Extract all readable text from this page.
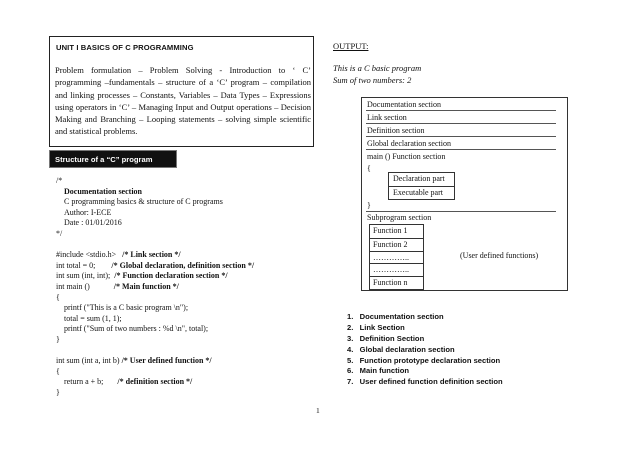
UNIT I BASICS OF C PROGRAMMING
Problem formulation – Problem Solving - Introduction to ‘ C’ programming –fundamentals – structure of a ‘C’ program – compilation and linking processes – Constants, Variables – Data Types – Expressions using operators in ‘C’ – Managing Input and Output operations – Decision Making and Branching – Looping statements – solving simple scientific and statistical problems.
Structure of a “C” program
/*
Documentation section
C programming basics & structure of C programs
Author: I-ECE
Date : 01/01/2016
*/
#include <stdio.h> /* Link section */
int total = 0; /* Global declaration, definition section */
int sum (int, int); /* Function declaration section */
int main ()	/* Main function */
{
printf ("This is a C basic program \n");
total = sum (1, 1);
printf ("Sum of two numbers : %d \n", total);
}
int sum (int a, int b) /* User defined function */
{
return a + b; /* definition section */
}
OUTPUT:
This is a C basic program
Sum of two numbers: 2
Documentation section
Link section
Definition section
Global declaration section
main () Function section
{
Declaration part
Executable part
}
Subprogram section
Function 1
Function 2
…………..
…………..
Function n
(User defined functions)
1.   Documentation section
2.   Link Section
3.   Definition Section
4.   Global declaration section
5.   Function prototype declaration section
6.   Main function
7.   User defined function definition section
1
